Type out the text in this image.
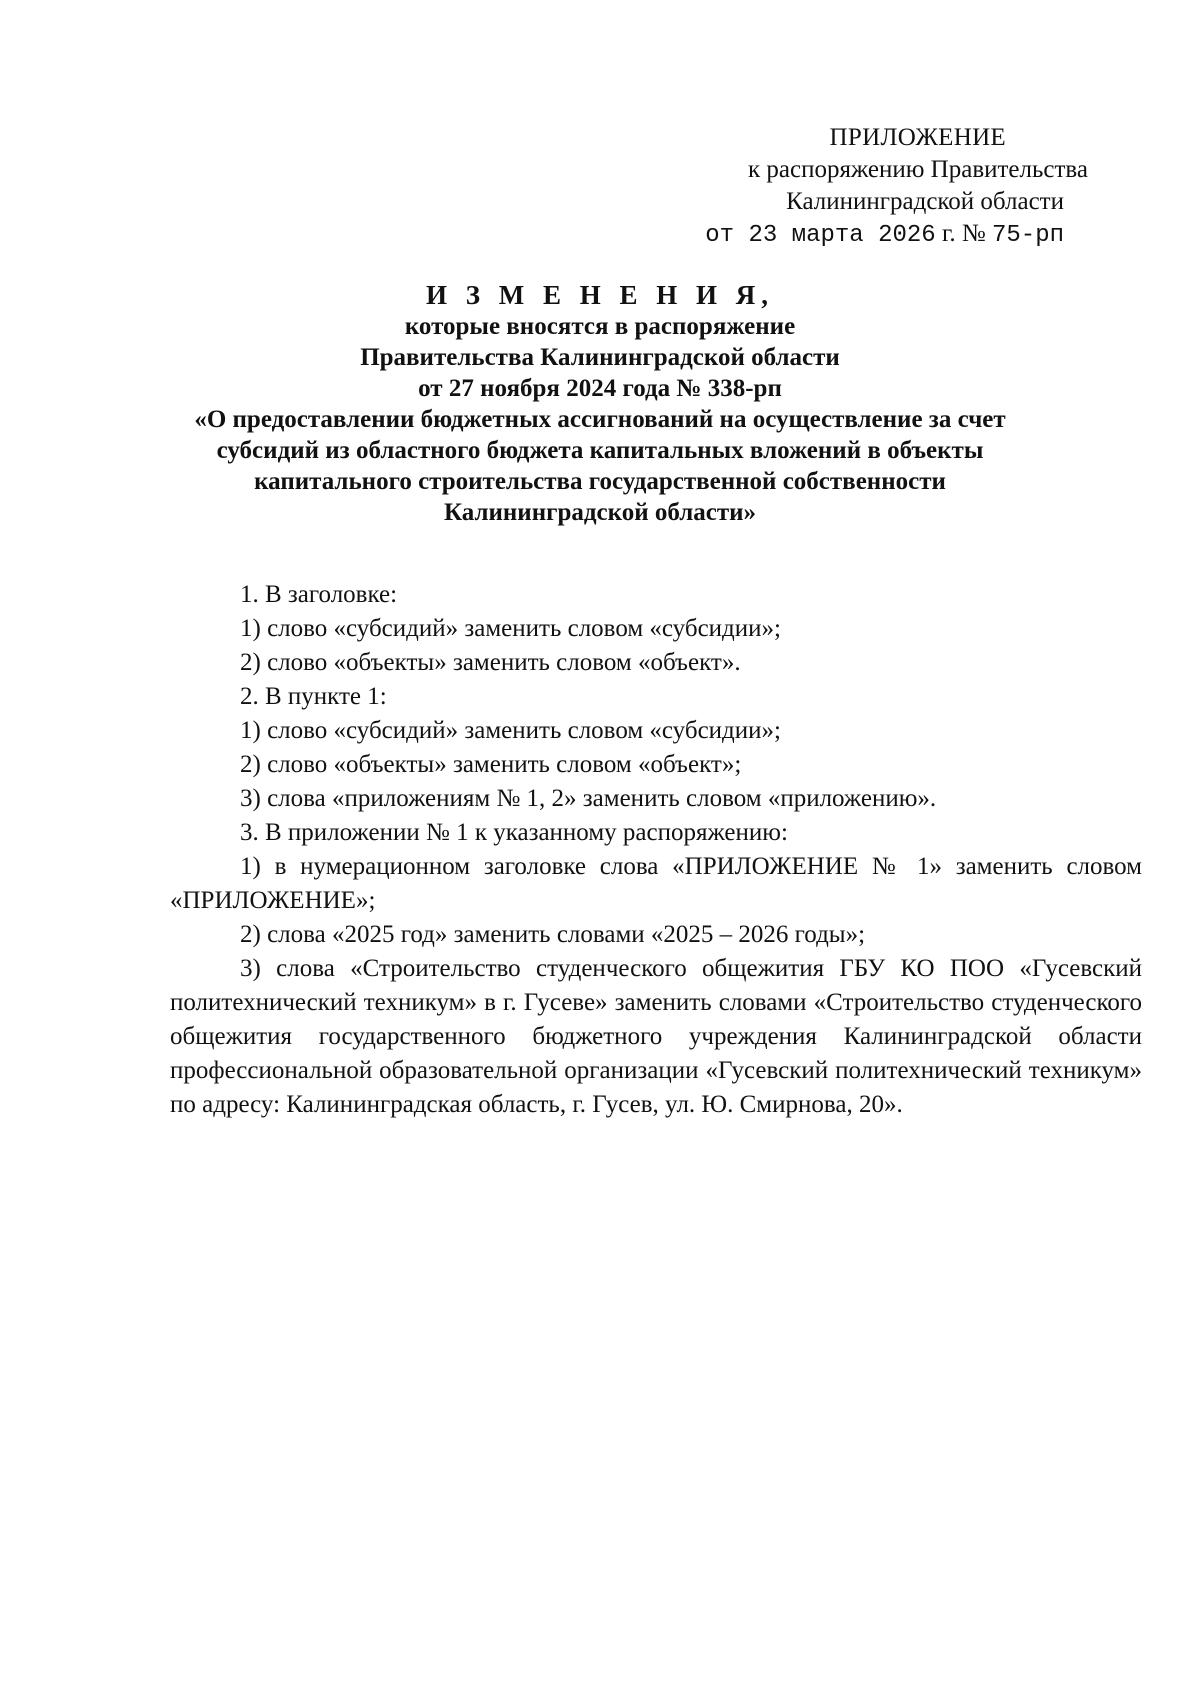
ПРИЛОЖЕНИЕ
к распоряжению Правительства
Калининградской области
от 23 марта 2026 г. № 75-рп
И З М Е Н Е Н И Я,
которые вносятся в распоряжение
Правительства Калининградской области
от 27 ноября 2024 года № 338-рп
«О предоставлении бюджетных ассигнований на осуществление за счет
субсидий из областного бюджета капитальных вложений в объекты
капитального строительства государственной собственности
Калининградской области»
1. В заголовке:
1) слово «субсидий» заменить словом «субсидии»;
2) слово «объекты» заменить словом «объект».
2. В пункте 1:
1) слово «субсидий» заменить словом «субсидии»;
2) слово «объекты» заменить словом «объект»;
3) слова «приложениям № 1, 2» заменить словом «приложению».
3. В приложении № 1 к указанному распоряжению:
1) в нумерационном заголовке слова «ПРИЛОЖЕНИЕ № 1» заменить словом «ПРИЛОЖЕНИЕ»;
2) слова «2025 год» заменить словами «2025 – 2026 годы»;
3) слова «Строительство студенческого общежития ГБУ КО ПОО «Гусевский политехнический техникум» в г. Гусеве» заменить словами «Строительство студенческого общежития государственного бюджетного учреждения Калининградской области профессиональной образовательной организации «Гусевский политехнический техникум» по адресу: Калининградская область, г. Гусев, ул. Ю. Смирнова, 20».
